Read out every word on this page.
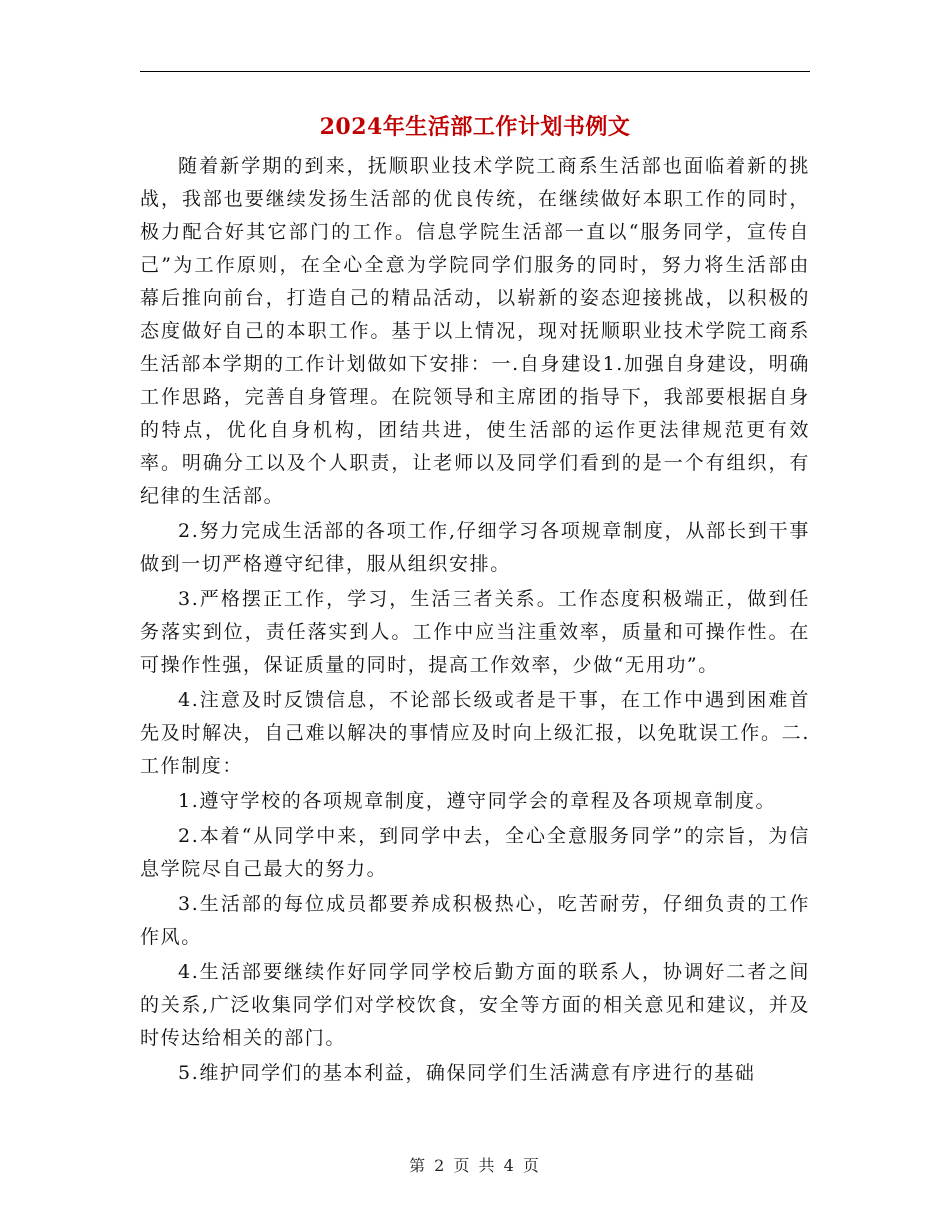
2024年生活部工作计划书例文

随着新学期的到来，抚顺职业技术学院工商系生活部也面临着新的挑战，我部也要继续发扬生活部的优良传统，在继续做好本职工作的同时，极力配合好其它部门的工作。信息学院生活部一直以“服务同学，宣传自己”为工作原则，在全心全意为学院同学们服务的同时，努力将生活部由幕后推向前台，打造自己的精品活动，以崭新的姿态迎接挑战，以积极的态度做好自己的本职工作。基于以上情况，现对抚顺职业技术学院工商系生活部本学期的工作计划做如下安排：一.自身建设1.加强自身建设，明确工作思路，完善自身管理。在院领导和主席团的指导下，我部要根据自身的特点，优化自身机构，团结共进，使生活部的运作更法律规范更有效率。明确分工以及个人职责，让老师以及同学们看到的是一个有组织，有纪律的生活部。

2.努力完成生活部的各项工作,仔细学习各项规章制度，从部长到干事做到一切严格遵守纪律，服从组织安排。

3.严格摆正工作，学习，生活三者关系。工作态度积极端正，做到任务落实到位，责任落实到人。工作中应当注重效率，质量和可操作性。在可操作性强，保证质量的同时，提高工作效率，少做“无用功”。

4.注意及时反馈信息，不论部长级或者是干事，在工作中遇到困难首先及时解决，自己难以解决的事情应及时向上级汇报，以免耽误工作。二.工作制度：

1.遵守学校的各项规章制度，遵守同学会的章程及各项规章制度。

2.本着“从同学中来，到同学中去，全心全意服务同学”的宗旨，为信息学院尽自己最大的努力。

3.生活部的每位成员都要养成积极热心，吃苦耐劳，仔细负责的工作作风。

4.生活部要继续作好同学同学校后勤方面的联系人，协调好二者之间的关系,广泛收集同学们对学校饮食，安全等方面的相关意见和建议，并及时传达给相关的部门。

5.维护同学们的基本利益，确保同学们生活满意有序进行的基础

第 2 页 共 4 页
